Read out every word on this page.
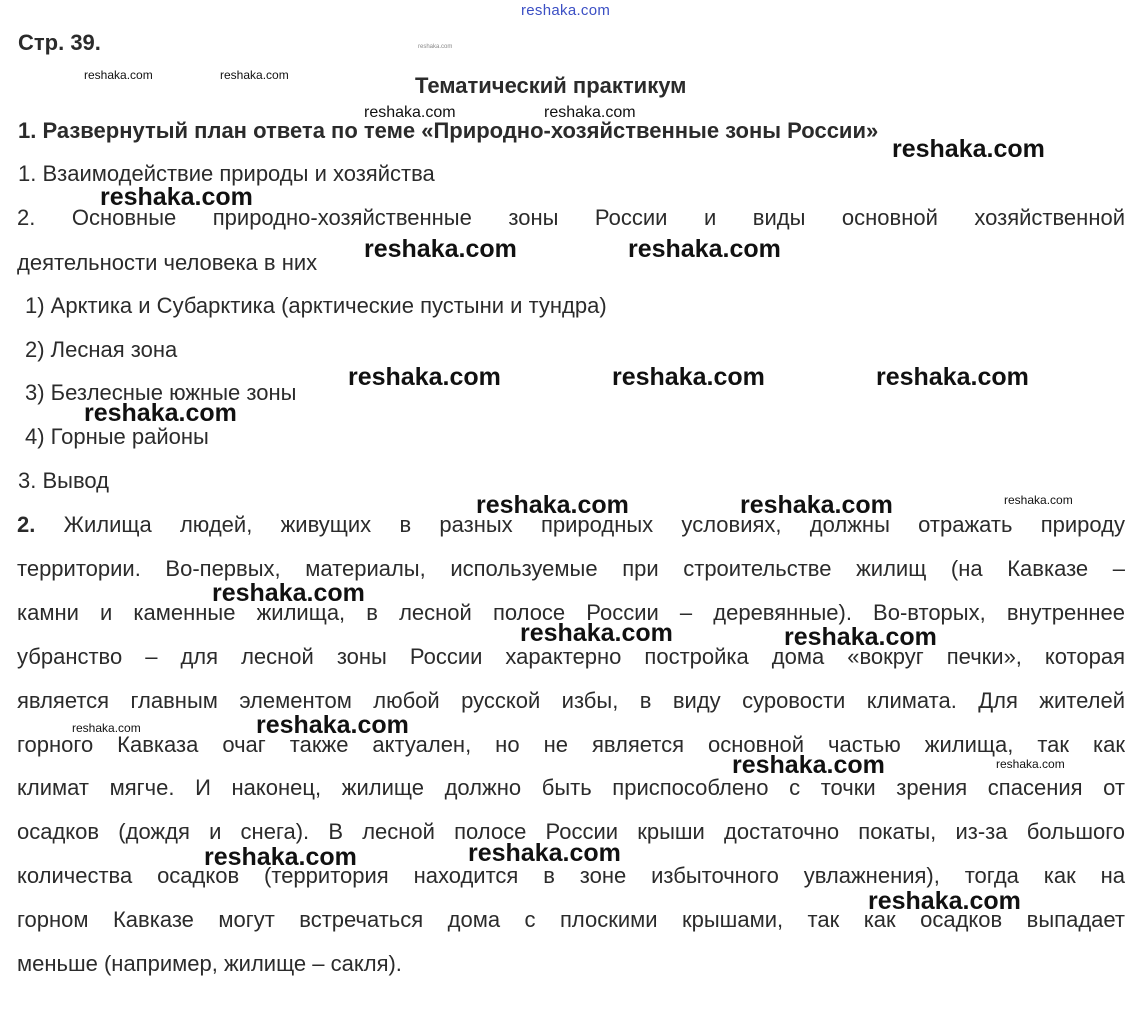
reshaka.com
Стр. 39.
Тематический практикум
1. Развернутый план ответа по теме «Природно-хозяйственные зоны России»
1. Взаимодействие природы и хозяйства
2. Основные природно-хозяйственные зоны России и виды основной хозяйственной
деятельности человека в них
1) Арктика и Субарктика (арктические пустыни и тундра)
2) Лесная зона
3) Безлесные южные зоны
4) Горные районы
3. Вывод
2. Жилища людей, живущих в разных природных условиях, должны отражать природу
территории. Во-первых, материалы, используемые при строительстве жилищ (на Кавказе –
камни и каменные жилища, в лесной полосе России – деревянные). Во-вторых, внутреннее
убранство – для лесной зоны России характерно постройка дома «вокруг печки», которая
является главным элементом любой русской избы, в виду суровости климата. Для жителей
горного Кавказа очаг также актуален, но не является основной частью жилища, так как
климат мягче. И наконец, жилище должно быть приспособлено с точки зрения спасения от
осадков (дождя и снега). В лесной полосе России крыши достаточно покаты, из-за большого
количества осадков (территория находится в зоне избыточного увлажнения), тогда как на
горном Кавказе могут встречаться дома с плоскими крышами, так как осадков выпадает
меньше (например, жилище – сакля).
reshaka.com	reshaka.com
reshaka.com	reshaka.com
reshaka.com
reshaka.com
reshaka.com	reshaka.com
reshaka.com	reshaka.com	reshaka.com
reshaka.com
reshaka.com	reshaka.com	reshaka.com
reshaka.com
reshaka.com	reshaka.com
reshaka.com	reshaka.com
reshaka.com	reshaka.com
reshaka.com	reshaka.com
reshaka.com
reshaka.com
